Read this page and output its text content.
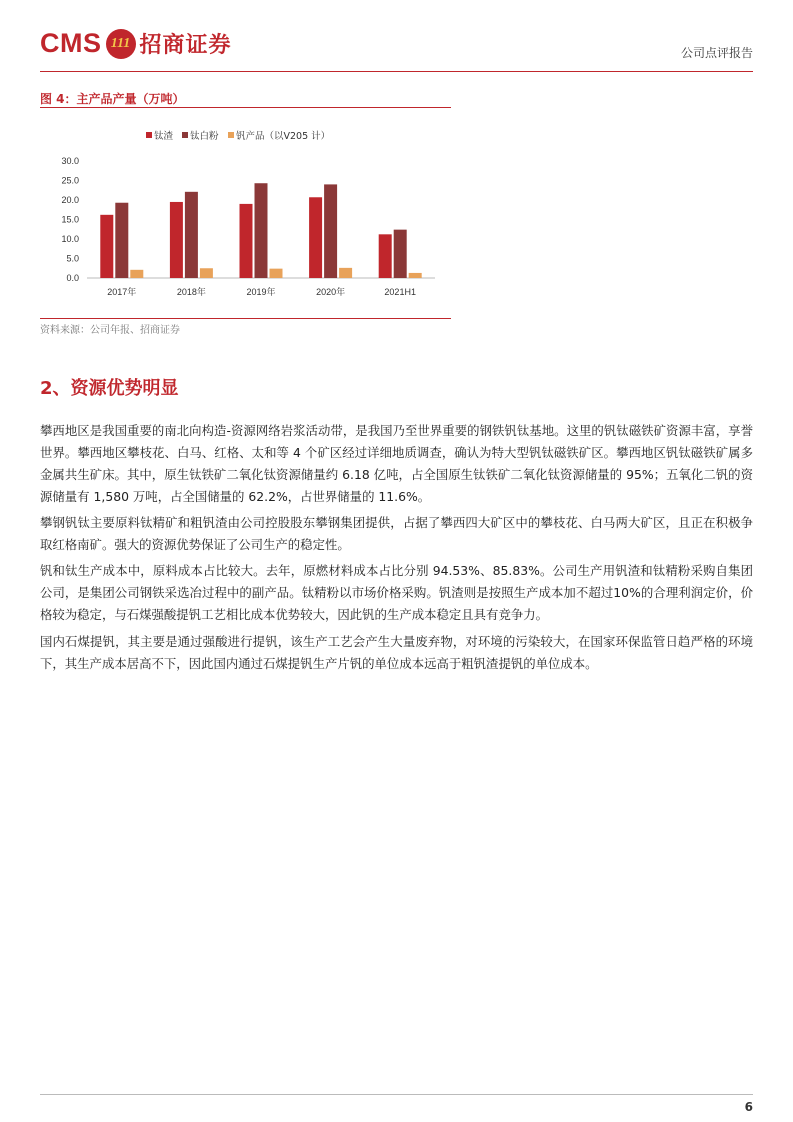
CMS 111 招商证券	公司点评报告
图 4：主产品产量（万吨）
钛渣 钛白粉 钒产品（以V205 计）
0.0
5.0
10.0
15.0
20.0
25.0
30.0
2017年	2018年	2019年	2020年	2021H1
资料来源：公司年报、招商证券
2、资源优势明显

攀西地区是我国重要的南北向构造-资源网络岩浆活动带，是我国乃至世界重要的钢铁钒钛基地。这里的钒钛磁铁矿资源丰富，享誉世界。攀西地区攀枝花、白马、红格、太和等 4 个矿区经过详细地质调查，确认为特大型钒钛磁铁矿区。攀西地区钒钛磁铁矿属多金属共生矿床。其中，原生钛铁矿二氧化钛资源储量约 6.18 亿吨，占全国原生钛铁矿二氧化钛资源储量的 95%；五氧化二钒的资源储量有 1,580 万吨，占全国储量的 62.2%，占世界储量的 11.6%。

攀钢钒钛主要原料钛精矿和粗钒渣由公司控股股东攀钢集团提供，占据了攀西四大矿区中的攀枝花、白马两大矿区，且正在积极争取红格南矿。强大的资源优势保证了公司生产的稳定性。

钒和钛生产成本中，原料成本占比较大。去年，原燃材料成本占比分别 94.53%、85.83%。公司生产用钒渣和钛精粉采购自集团公司，是集团公司钢铁采选冶过程中的副产品。钛精粉以市场价格采购。钒渣则是按照生产成本加不超过10%的合理利润定价，价格较为稳定，与石煤强酸提钒工艺相比成本优势较大，因此钒的生产成本稳定且具有竞争力。

国内石煤提钒，其主要是通过强酸进行提钒，该生产工艺会产生大量废弃物，对环境的污染较大，在国家环保监管日趋严格的环境下，其生产成本居高不下，因此国内通过石煤提钒生产片钒的单位成本远高于粗钒渣提钒的单位成本。

6
